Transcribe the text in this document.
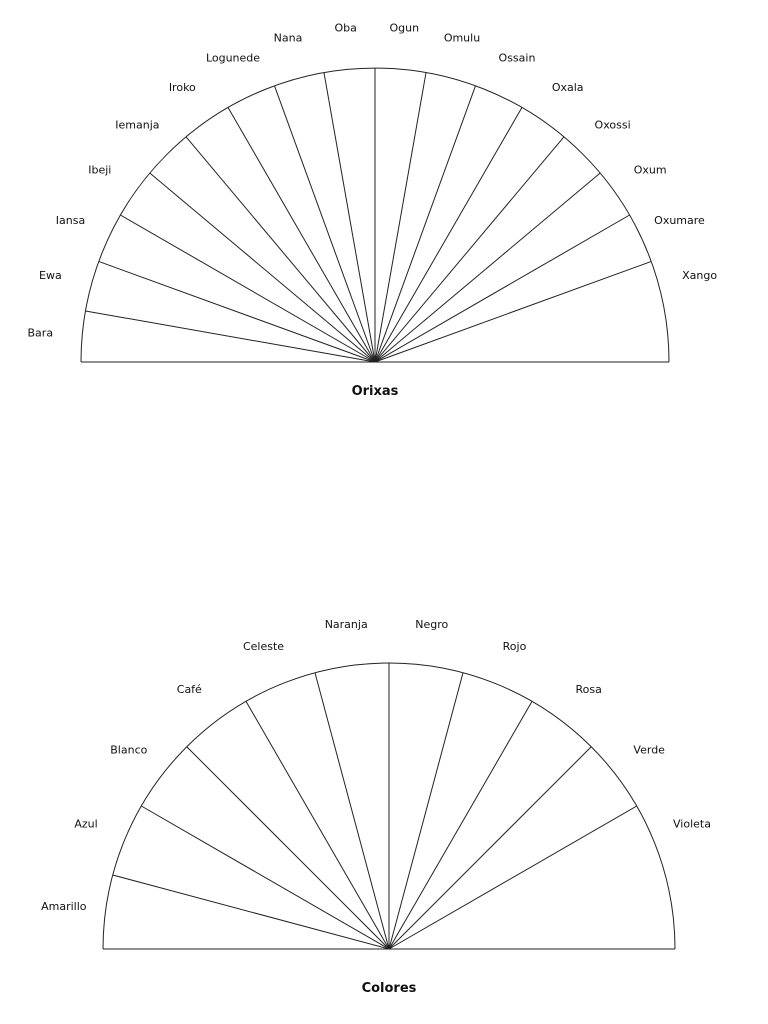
Bara
Ewa
Iansa
Ibeji
Iemanja
Iroko
Logunede
Nana
Oba	Ogun
Omulu
Ossain
Oxala
Oxossi
Oxum
Oxumare
Xango
Orixas
Amarillo
Azul
Blanco
Café
Celeste
Naranja	Negro
Rojo
Rosa
Verde
Violeta
Colores
